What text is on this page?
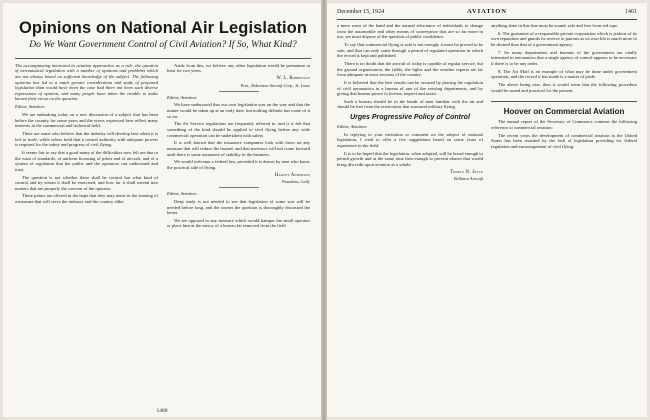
Opinions on National Air Legislation
Do We Want Government Control of Civil Aviation? If So, What Kind?

The accompanying interested in aviation approaches as a rule, the question of aeronautical legislation with a number of opinions and problems which are not always based on sufficient knowledge of the subject. The following opinions has led to a much greater consideration and study of proposed legislation than would have been the case had there not been such diverse expressions of opinion, and many people have taken the trouble to make known their views on the question.

Editor, Aviation:

We are embarking today on a new discussion of a subject that has been before the country for some years and the views expressed here reflect many interests in the commercial and technical field.

There are some who believe that the industry will develop best when it is left to itself, while others hold that a central authority with adequate powers is required for the safety and progress of civil flying.

It seems fair to say that a good many of the difficulties now felt are due to the want of standards, of uniform licensing of pilots and of aircraft, and of a system of regulation that the public and the operators can understand and trust.

The question is not whether there shall be control but what kind of control and by whom it shall be exercised, and how far it shall extend into matters that are properly the concern of the operator.

These points are offered in the hope that they may assist in the framing of a measure that will serve the industry and the country alike.

Aside from this, we believe any other legislation would be premature at least for two years.

W. L. Robertson
Pres., Robertson Aircraft Corp., St. Louis

Editor, Aviation:

We have understood that our own legislation was on the way and that the matter would be taken up at an early date, but nothing definite has come of it so far.

The Air Service regulations are frequently referred to, and it is felt that something of the kind should be applied to civil flying before any wide commercial operation can be undertaken with safety.

It is well known that the insurance companies look with favor on any measure that will reduce the hazard, and that investors will not come forward until there is some assurance of stability in the business.

We would welcome a federal law, provided it is drawn by men who know the practical side of flying.

Harvey Anderson
Pasadena, Calif.

Editor, Aviation:

Deep study is not needed to see that legislation of some sort will be needed before long, and the sooner the question is thoroughly discussed the better.

We are opposed to any measure which would hamper the small operator or place him at the mercy of a bureau far removed from the field.

1460
December 15, 1924	AVIATION	1461

a mere wave of the hand and the natural reluctance of individuals to change from the automobile and other means of conveyance that are so far more in use, we must dispose of the question of public confidence.

To say that commercial flying is safe is not enough; it must be proved to be safe, and that can only come through a period of regulated operation in which the record is kept and published.

There is no doubt that the aircraft of today is capable of regular service, but the ground organization, the fields, the lights and the weather reports are far from adequate in most sections of the country.

It is believed that the best results can be secured by placing the regulation of civil aeronautics in a bureau of one of the existing departments, and by giving that bureau power to license, inspect and assist.

Such a bureau should be in the hands of men familiar with the art and should be free from the restrictions that surround military flying.

Urges Progressive Policy of Control

Editor, Aviation:

In replying to your invitation to comment on the subject of national legislation, I wish to offer a few suggestions based on some years of experience in the field.

It is to be hoped that the legislation, when adopted, will be broad enough to permit growth and at the same time firm enough to prevent abuses that would bring discredit upon aviation as a whole.

Temple N. Joyce
Bellanca Aircraft

anything done in this line must be sound, safe and free from red tape.

6. The guarantee of a responsible private corporation which is jealous of its own reputation and guards its service to patrons as its own life is much more to be desired than that of a government agency.

7. So many departments and bureaus of the government are vitally interested in aeronautics that a single agency of control appears to be necessary if there is to be any order.

8. The Air Mail is an example of what may be done under government operation, and the record it has made is a matter of pride.

The above being true, then it would seem that the following procedure would be sound and practical for the present.

Hoover on Commercial Aviation

The annual report of the Secretary of Commerce contains the following reference to commercial aviation:

The recent years the development of commercial aviation in the United States has been retarded by the lack of legislation providing for federal regulation and encouragement of civil flying.
